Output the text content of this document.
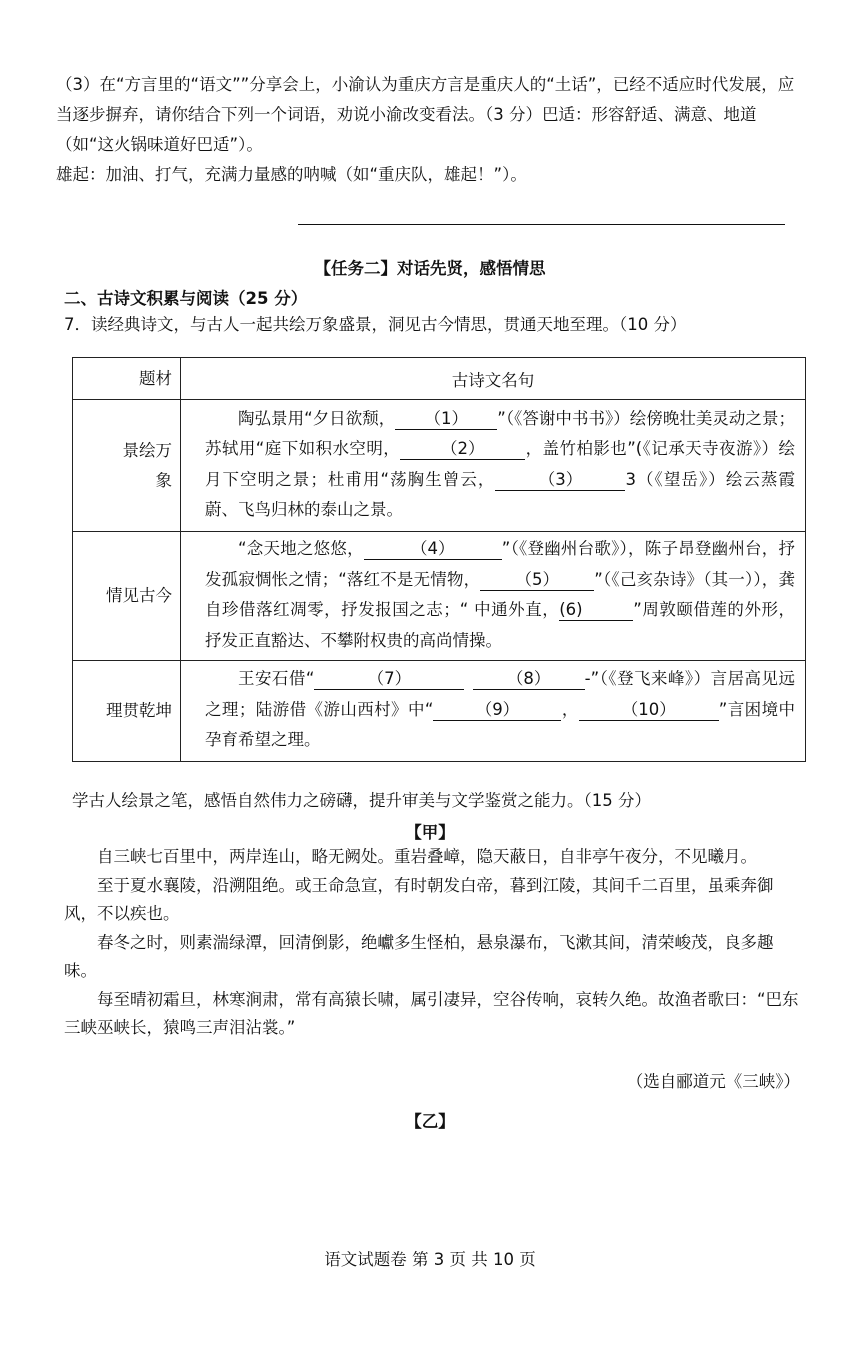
（3）在“方言里的“语文””分享会上，小渝认为重庆方言是重庆人的“土话”，已经不适应时代发展，应当逐步摒弃，请你结合下列一个词语，劝说小渝改变看法。（3 分）巴适：形容舒适、满意、地道（如“这火锅味道好巴适”）。
雄起：加油、打气，充满力量感的呐喊（如“重庆队，雄起！”）。
【任务二】对话先贤，感悟情思
二、古诗文积累与阅读（25 分）
7．读经典诗文，与古人一起共绘万象盛景，洞见古今情思，贯通天地至理。（10 分）
题材	古诗文名句

景绘万象	陶弘景用“夕日欲颓， （1） ”（《答谢中书书》）绘傍晚壮美灵动之景；苏轼用“庭下如积水空明， （2） ，盖竹柏影也”(《记承天寺夜游》）绘月下空明之景；杜甫用“荡胸生曾云， （3） 3（《望岳》）绘云蒸霞蔚、飞鸟归林的泰山之景。

情见古今	“念天地之悠悠， （4） ”（《登幽州台歌》），陈子昂登幽州台，抒发孤寂惆怅之情；“落红不是无情物， （5） ”（《己亥杂诗》（其一）），龚自珍借落红凋零，抒发报国之志；“ 中通外直，(6) ”周敦颐借莲的外形，抒发正直豁达、不攀附权贵的高尚情操。

理贯乾坤	王安石借“ （7）  （8） -”（《登飞来峰》）言居高见远之理；陆游借《游山西村》中“ （9） ， （10） ”言困境中孕育希望之理。
学古人绘景之笔，感悟自然伟力之磅礴，提升审美与文学鉴赏之能力。（15 分）
【甲】

自三峡七百里中，两岸连山，略无阙处。重岩叠嶂，隐天蔽日，自非亭午夜分，不见曦月。

至于夏水襄陵，沿溯阻绝。或王命急宣，有时朝发白帝，暮到江陵，其间千二百里，虽乘奔御风，不以疾也。

春冬之时，则素湍绿潭，回清倒影，绝巘多生怪柏，悬泉瀑布，飞漱其间，清荣峻茂，良多趣味。

每至晴初霜旦，林寒涧肃，常有高猿长啸，属引凄异，空谷传响，哀转久绝。故渔者歌曰：“巴东三峡巫峡长，猿鸣三声泪沾裳。”

（选自郦道元《三峡》）
【乙】
语文试题卷 第 3 页 共 10 页
